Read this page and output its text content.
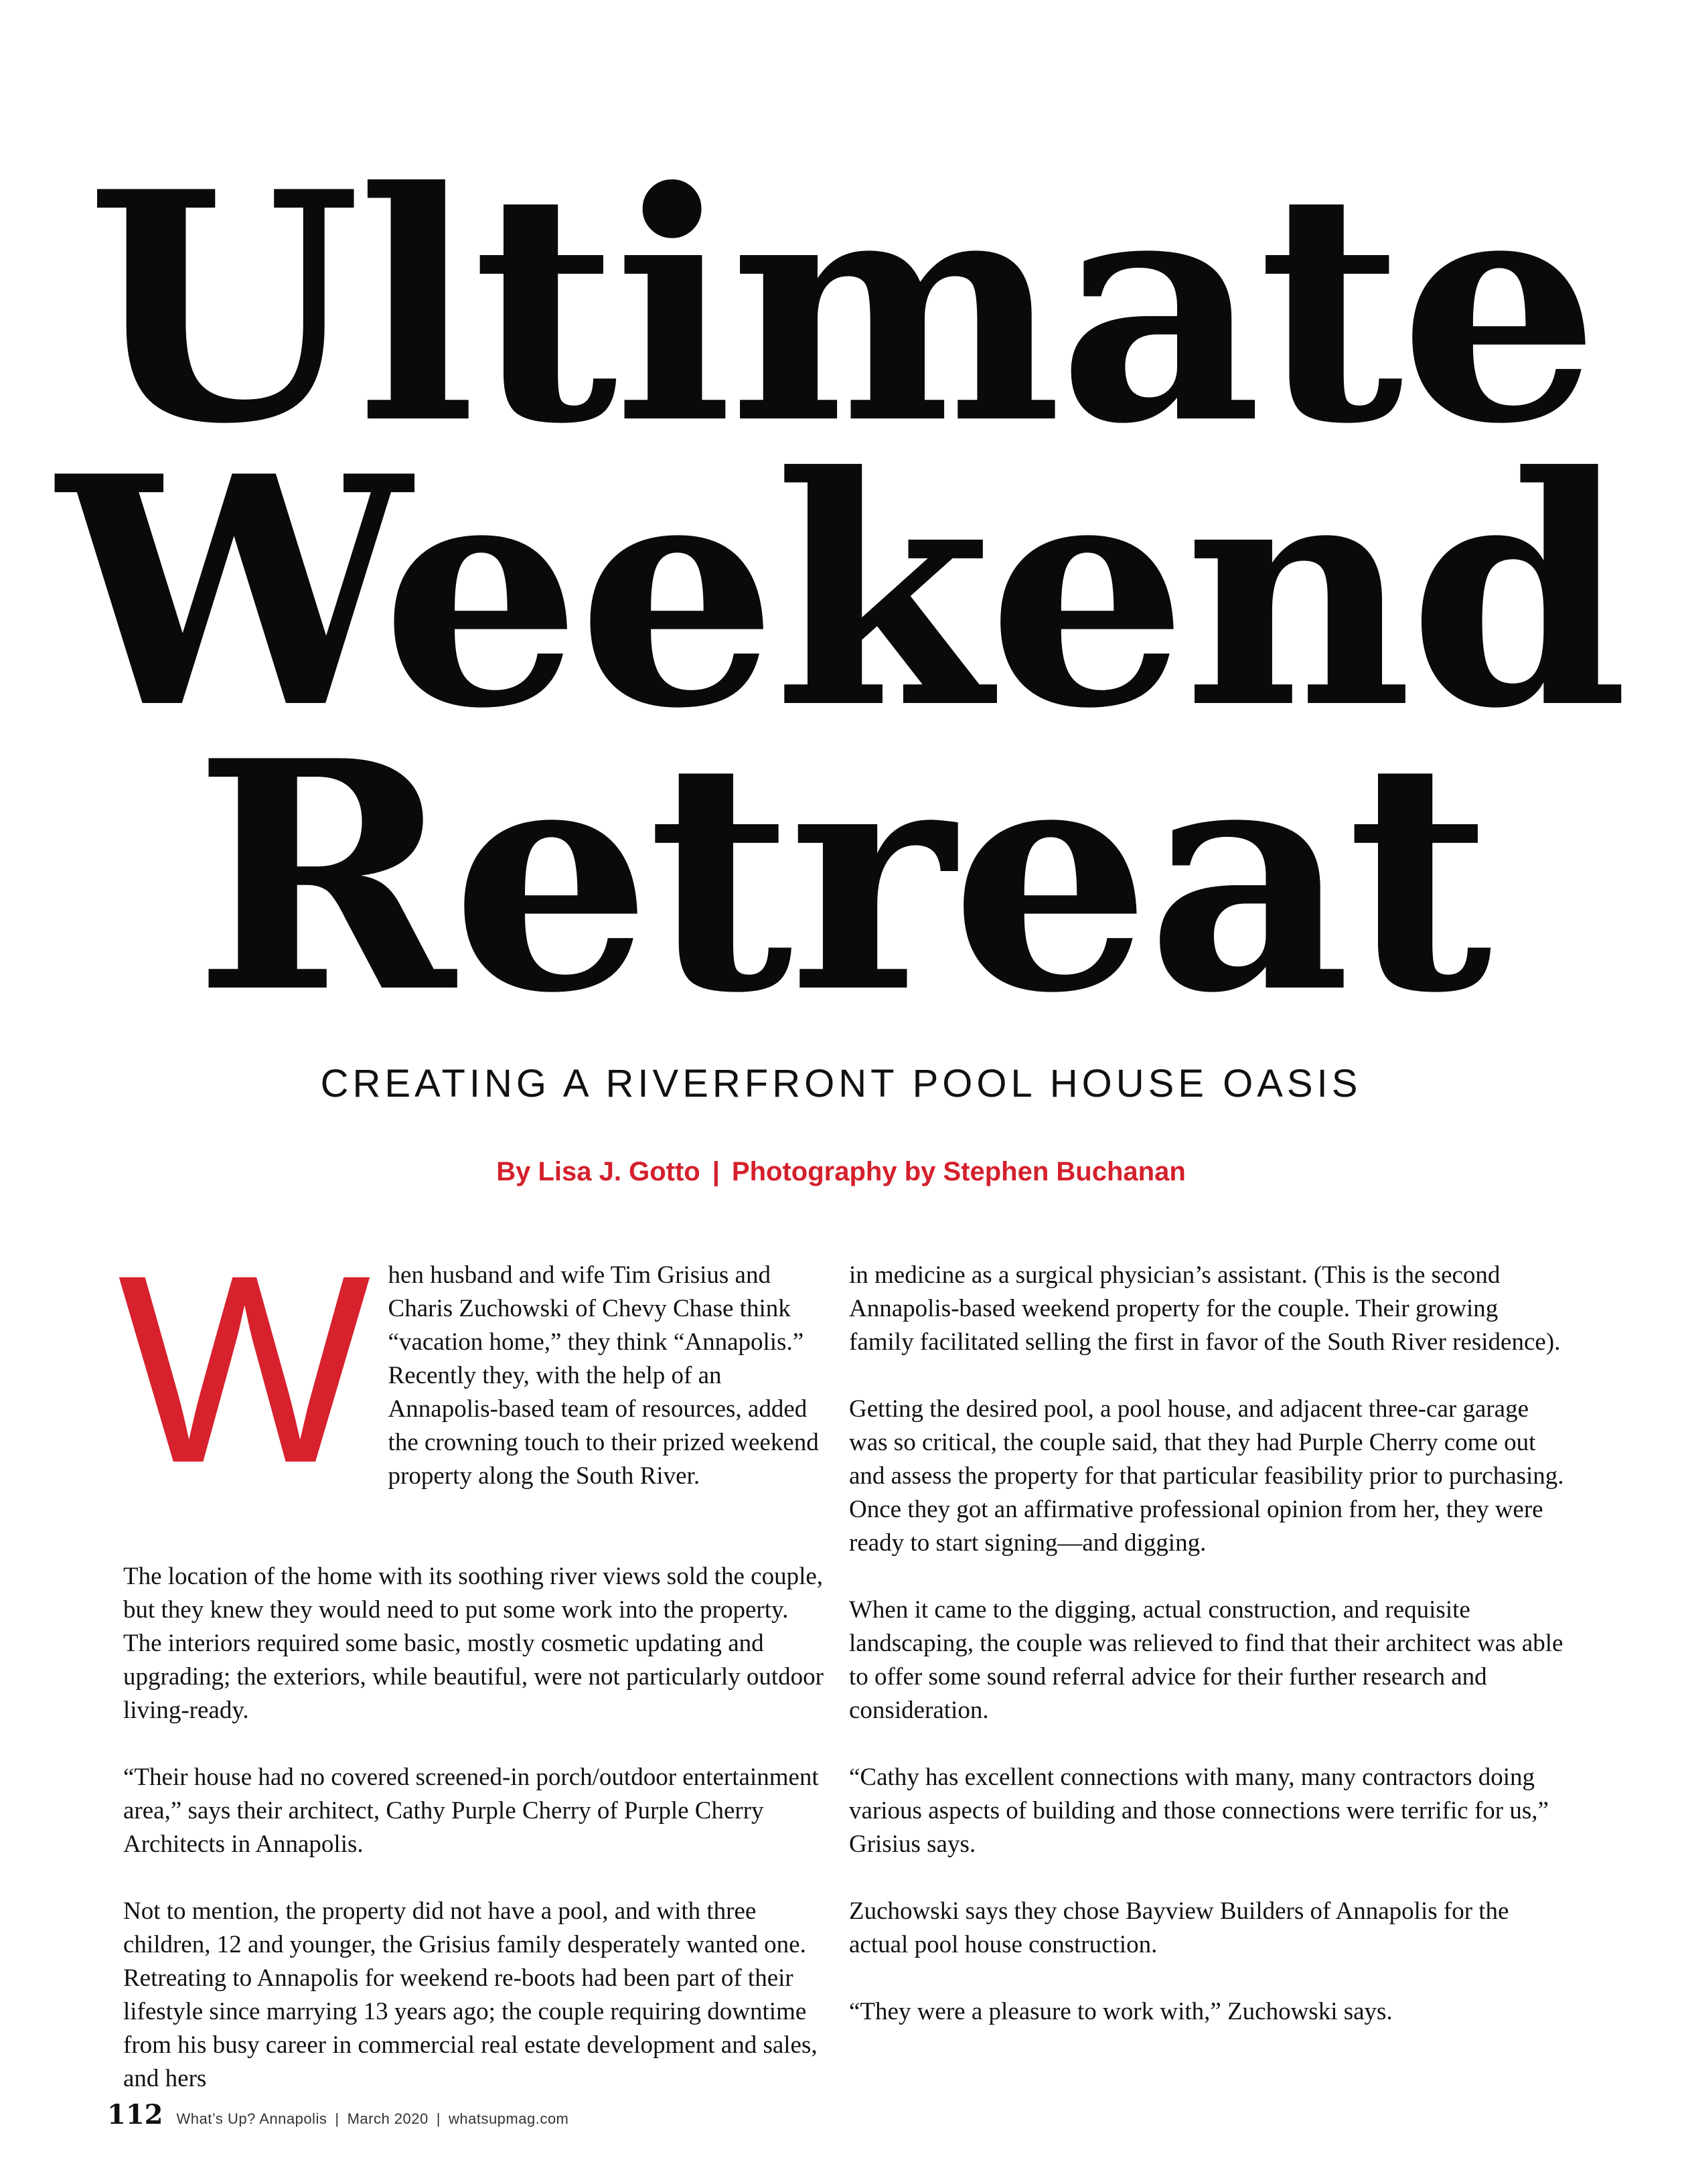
Ultimate
Weekend
Retreat
CREATING A RIVERFRONT POOL HOUSE OASIS
By Lisa J. Gotto | Photography by Stephen Buchanan

When husband and wife Tim Grisius and Charis Zuchowski of Chevy Chase think “vacation home,” they think “Annapolis.” Recently they, with the help of an Annapolis-based team of resources, added the crowning touch to their prized weekend property along the South River.

The location of the home with its soothing river views sold the couple, but they knew they would need to put some work into the property. The interiors required some basic, mostly cosmetic updating and upgrading; the exteriors, while beautiful, were not particularly outdoor living-ready.

“Their house had no covered screened-in porch/outdoor entertainment area,” says their architect, Cathy Purple Cherry of Purple Cherry Architects in Annapolis.

Not to mention, the property did not have a pool, and with three children, 12 and younger, the Grisius family desperately wanted one. Retreating to Annapolis for weekend re-boots had been part of their lifestyle since marrying 13 years ago; the couple requiring downtime from his busy career in commercial real estate development and sales, and hers

in medicine as a surgical physician’s assistant. (This is the second Annapolis-based weekend property for the couple. Their growing family facilitated selling the first in favor of the South River residence).

Getting the desired pool, a pool house, and adjacent three-car garage was so critical, the couple said, that they had Purple Cherry come out and assess the property for that particular feasibility prior to purchasing. Once they got an affirmative professional opinion from her, they were ready to start signing—and digging.

When it came to the digging, actual construction, and requisite landscaping, the couple was relieved to find that their architect was able to offer some sound referral advice for their further research and consideration.

“Cathy has excellent connections with many, many contractors doing various aspects of building and those connections were terrific for us,” Grisius says.

Zuchowski says they chose Bayview Builders of Annapolis for the actual pool house construction.

“They were a pleasure to work with,” Zuchowski says.

112 What’s Up? Annapolis | March 2020 | whatsupmag.com
